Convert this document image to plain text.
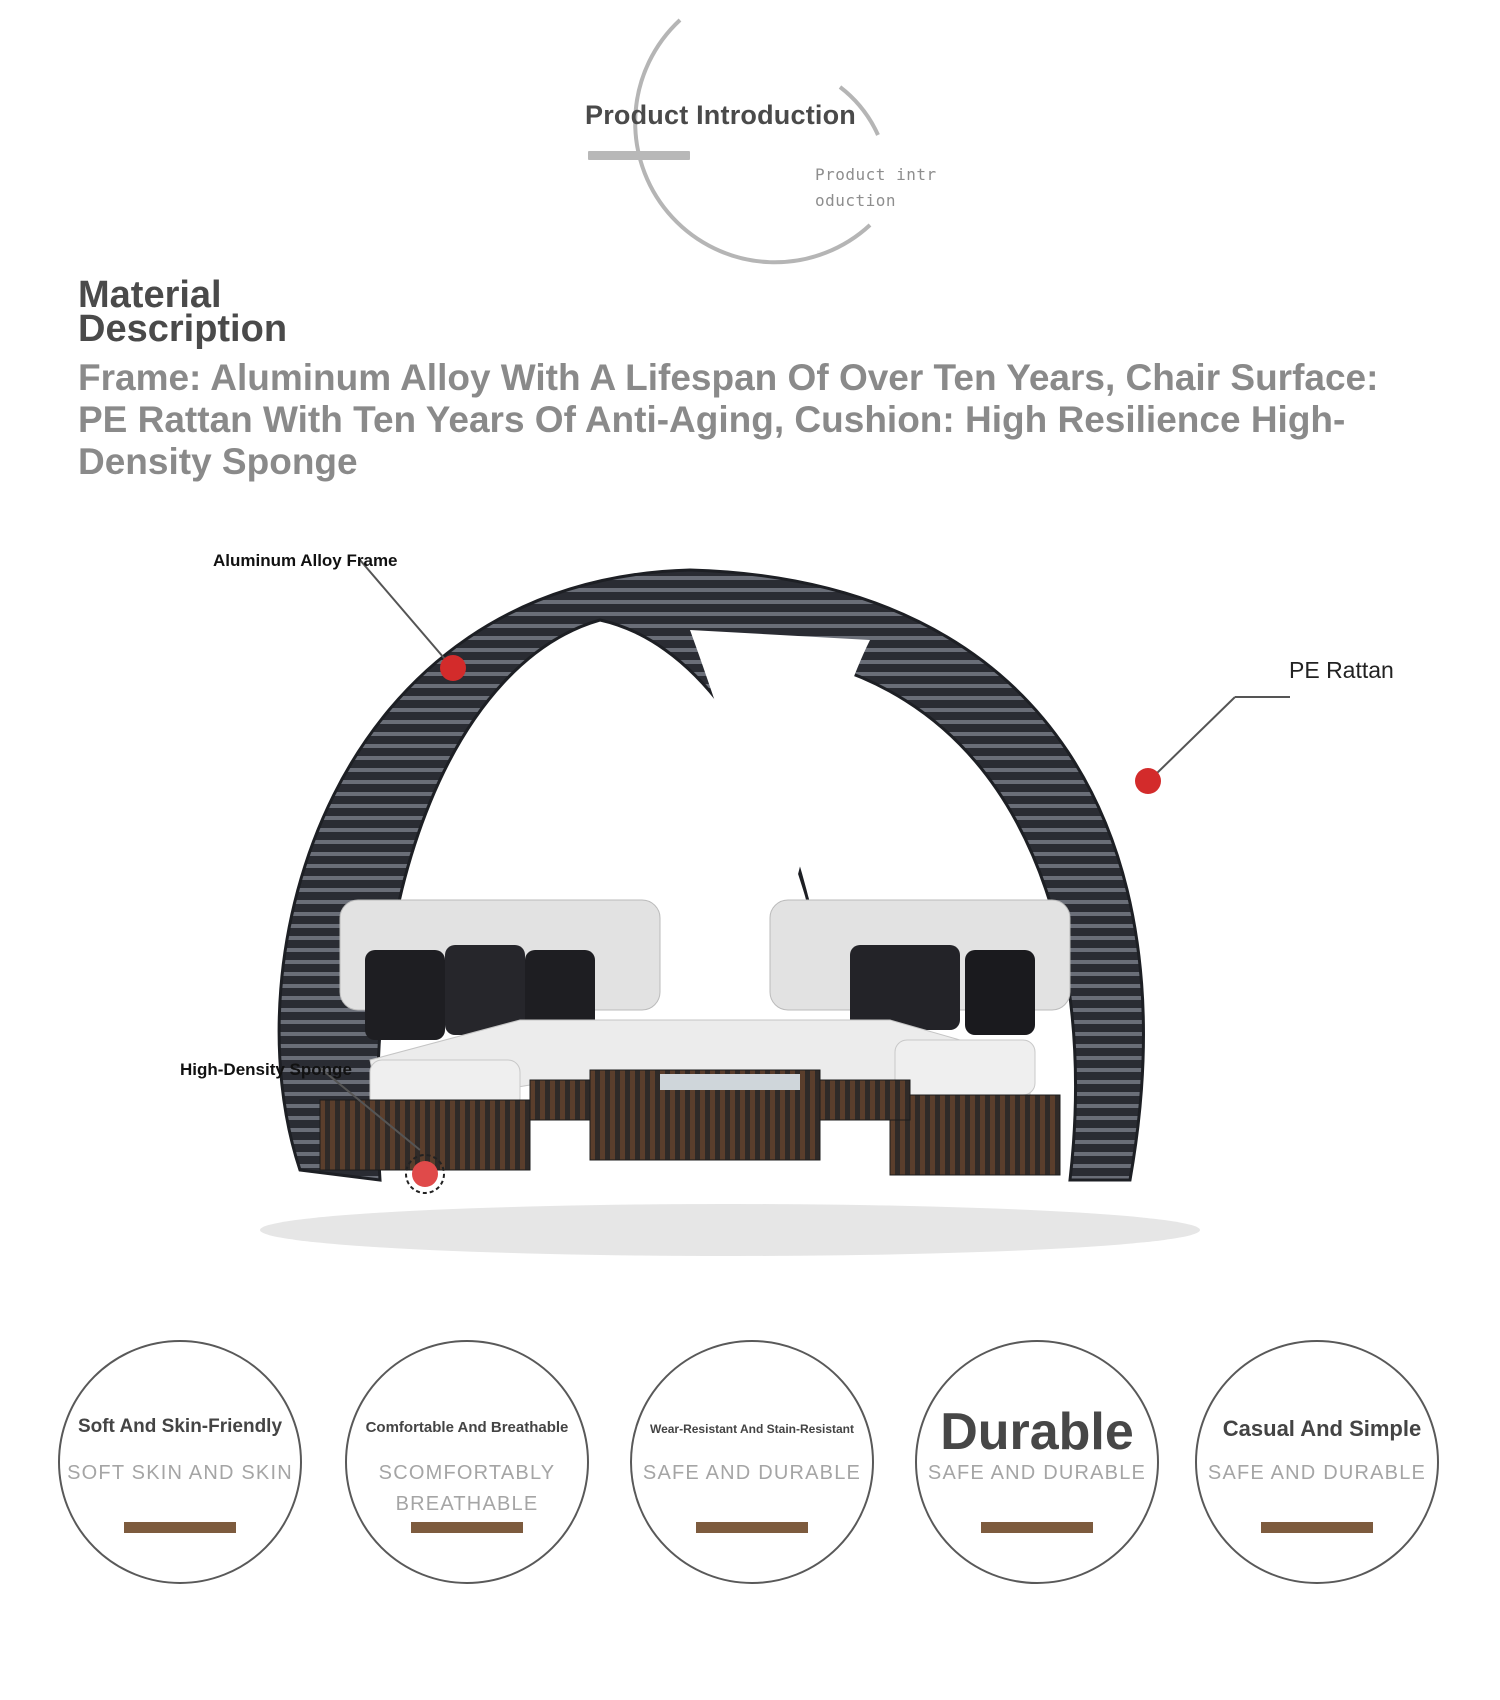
Product Introduction
Product intr
oduction
Material
Description
Frame: Aluminum Alloy With A Lifespan Of Over Ten Years, Chair Surface: PE Rattan With Ten Years Of Anti-Aging, Cushion: High Resilience High-Density Sponge
Aluminum Alloy Frame
PE Rattan
High-Density Sponge
Soft And Skin-Friendly
SOFT SKIN AND SKIN
Comfortable And Breathable
SCOMFORTABLY
BREATHABLE
Wear-Resistant And Stain-Resistant
SAFE AND DURABLE
Durable
SAFE AND DURABLE
Casual And Simple
SAFE AND DURABLE
